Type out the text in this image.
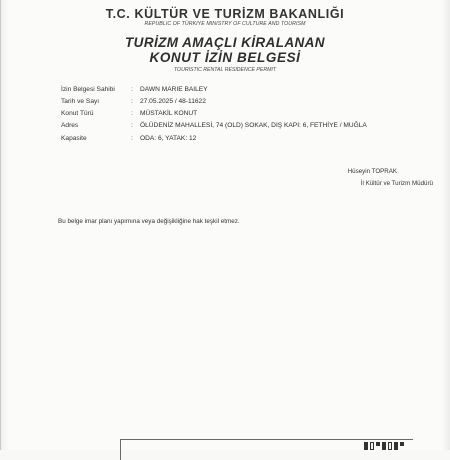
T.C. KÜLTÜR VE TURİZM BAKANLIĞI
REPUBLIC OF TÜRKIYE MINISTRY OF CULTURE AND TOURISM
TURİZM AMAÇLI KİRALANAN
KONUT İZİN BELGESİ
TOURISTIC RENTAL RESIDENCE PERMIT
İzin Belgesi Sahibi	: DAWN MARIE BAILEY
Tarih ve Sayı	: 27.05.2025 / 48-11622
Konut Türü	: MÜSTAKİL KONUT
Adres	: ÖLÜDENİZ MAHALLESİ, 74 (OLD) SOKAK, DIŞ KAPI: 6, FETHİYE / MUĞLA
Kapasite	: ODA: 6, YATAK: 12
Hüseyin TOPRAK
İl Kültür ve Turizm Müdürü
Bu belge imar planı yapımına veya değişikliğine hak teşkil etmez.
